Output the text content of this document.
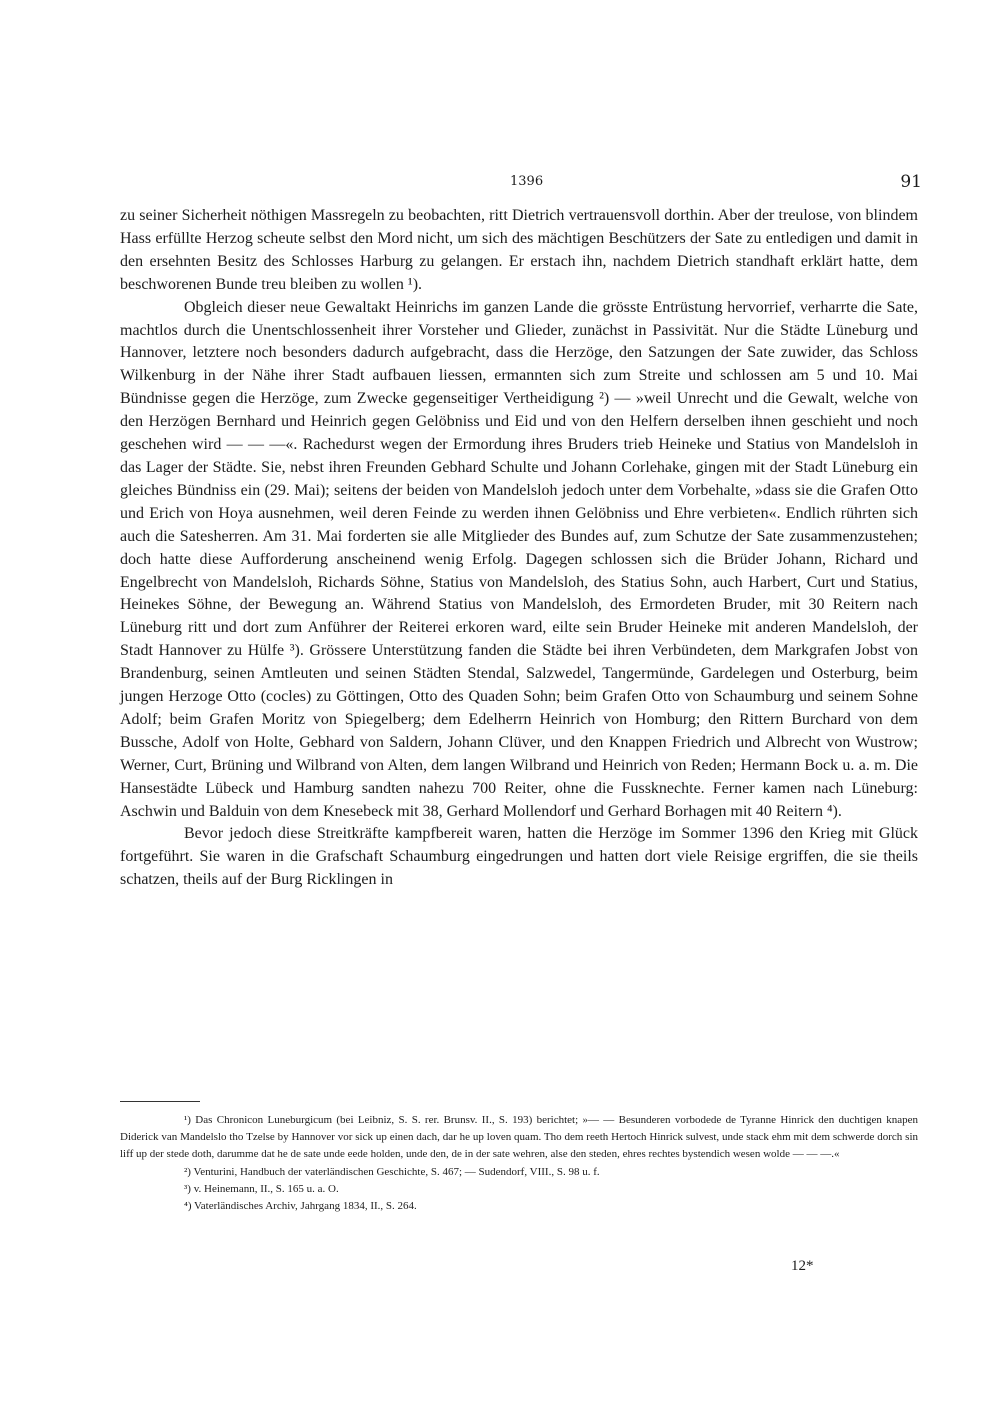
1396	91

zu seiner Sicherheit nöthigen Massregeln zu beobachten, ritt Dietrich vertrauensvoll dorthin. Aber der treulose, von blindem Hass erfüllte Herzog scheute selbst den Mord nicht, um sich des mächtigen Beschützers der Sate zu entledigen und damit in den ersehnten Besitz des Schlosses Harburg zu gelangen. Er erstach ihn, nachdem Dietrich standhaft erklärt hatte, dem beschworenen Bunde treu bleiben zu wollen ¹).

Obgleich dieser neue Gewaltakt Heinrichs im ganzen Lande die grösste Entrüstung hervorrief, verharrte die Sate, machtlos durch die Unentschlossenheit ihrer Vorsteher und Glieder, zunächst in Passivität. Nur die Städte Lüneburg und Hannover, letztere noch besonders dadurch aufgebracht, dass die Herzöge, den Satzungen der Sate zuwider, das Schloss Wilkenburg in der Nähe ihrer Stadt aufbauen liessen, ermannten sich zum Streite und schlossen am 5 und 10. Mai Bündnisse gegen die Herzöge, zum Zwecke gegenseitiger Vertheidigung ²) — »weil Unrecht und die Gewalt, welche von den Herzögen Bernhard und Heinrich gegen Gelöbniss und Eid und von den Helfern derselben ihnen geschieht und noch geschehen wird — — —«. Rachedurst wegen der Ermordung ihres Bruders trieb Heineke und Statius von Mandelsloh in das Lager der Städte. Sie, nebst ihren Freunden Gebhard Schulte und Johann Corlehake, gingen mit der Stadt Lüneburg ein gleiches Bündniss ein (29. Mai); seitens der beiden von Mandelsloh jedoch unter dem Vorbehalte, »dass sie die Grafen Otto und Erich von Hoya ausnehmen, weil deren Feinde zu werden ihnen Gelöbniss und Ehre verbieten«. Endlich rührten sich auch die Satesherren. Am 31. Mai forderten sie alle Mitglieder des Bundes auf, zum Schutze der Sate zusammenzustehen; doch hatte diese Aufforderung anscheinend wenig Erfolg. Dagegen schlossen sich die Brüder Johann, Richard und Engelbrecht von Mandelsloh, Richards Söhne, Statius von Mandelsloh, des Statius Sohn, auch Harbert, Curt und Statius, Heinekes Söhne, der Bewegung an. Während Statius von Mandelsloh, des Ermordeten Bruder, mit 30 Reitern nach Lüneburg ritt und dort zum Anführer der Reiterei erkoren ward, eilte sein Bruder Heineke mit anderen Mandelsloh, der Stadt Hannover zu Hülfe ³). Grössere Unterstützung fanden die Städte bei ihren Verbündeten, dem Markgrafen Jobst von Brandenburg, seinen Amtleuten und seinen Städten Stendal, Salzwedel, Tangermünde, Gardelegen und Osterburg, beim jungen Herzoge Otto (cocles) zu Göttingen, Otto des Quaden Sohn; beim Grafen Otto von Schaumburg und seinem Sohne Adolf; beim Grafen Moritz von Spiegelberg; dem Edelherrn Heinrich von Homburg; den Rittern Burchard von dem Bussche, Adolf von Holte, Gebhard von Saldern, Johann Clüver, und den Knappen Friedrich und Albrecht von Wustrow; Werner, Curt, Brüning und Wilbrand von Alten, dem langen Wilbrand und Heinrich von Reden; Hermann Bock u. a. m. Die Hansestädte Lübeck und Hamburg sandten nahezu 700 Reiter, ohne die Fussknechte. Ferner kamen nach Lüneburg: Aschwin und Balduin von dem Knesebeck mit 38, Gerhard Mollendorf und Gerhard Borhagen mit 40 Reitern ⁴).

Bevor jedoch diese Streitkräfte kampfbereit waren, hatten die Herzöge im Sommer 1396 den Krieg mit Glück fortgeführt. Sie waren in die Grafschaft Schaumburg eingedrungen und hatten dort viele Reisige ergriffen, die sie theils schatzen, theils auf der Burg Ricklingen in

¹) Das Chronicon Luneburgicum (bei Leibniz, S. S. rer. Brunsv. II., S. 193) berichtet; »— — Besunderen vorbodede de Tyranne Hinrick den duchtigen knapen Diderick van Mandelslo tho Tzelse by Hannover vor sick up einen dach, dar he up loven quam. Tho dem reeth Hertoch Hinrick sulvest, unde stack ehm mit dem schwerde dorch sin liff up der stede doth, darumme dat he de sate unde eede holden, unde den, de in der sate wehren, alse den steden, ehres rechtes bystendich wesen wolde — — —.«

²) Venturini, Handbuch der vaterländischen Geschichte, S. 467; — Sudendorf, VIII., S. 98 u. f.

³) v. Heinemann, II., S. 165 u. a. O.

⁴) Vaterländisches Archiv, Jahrgang 1834, II., S. 264.

12*
